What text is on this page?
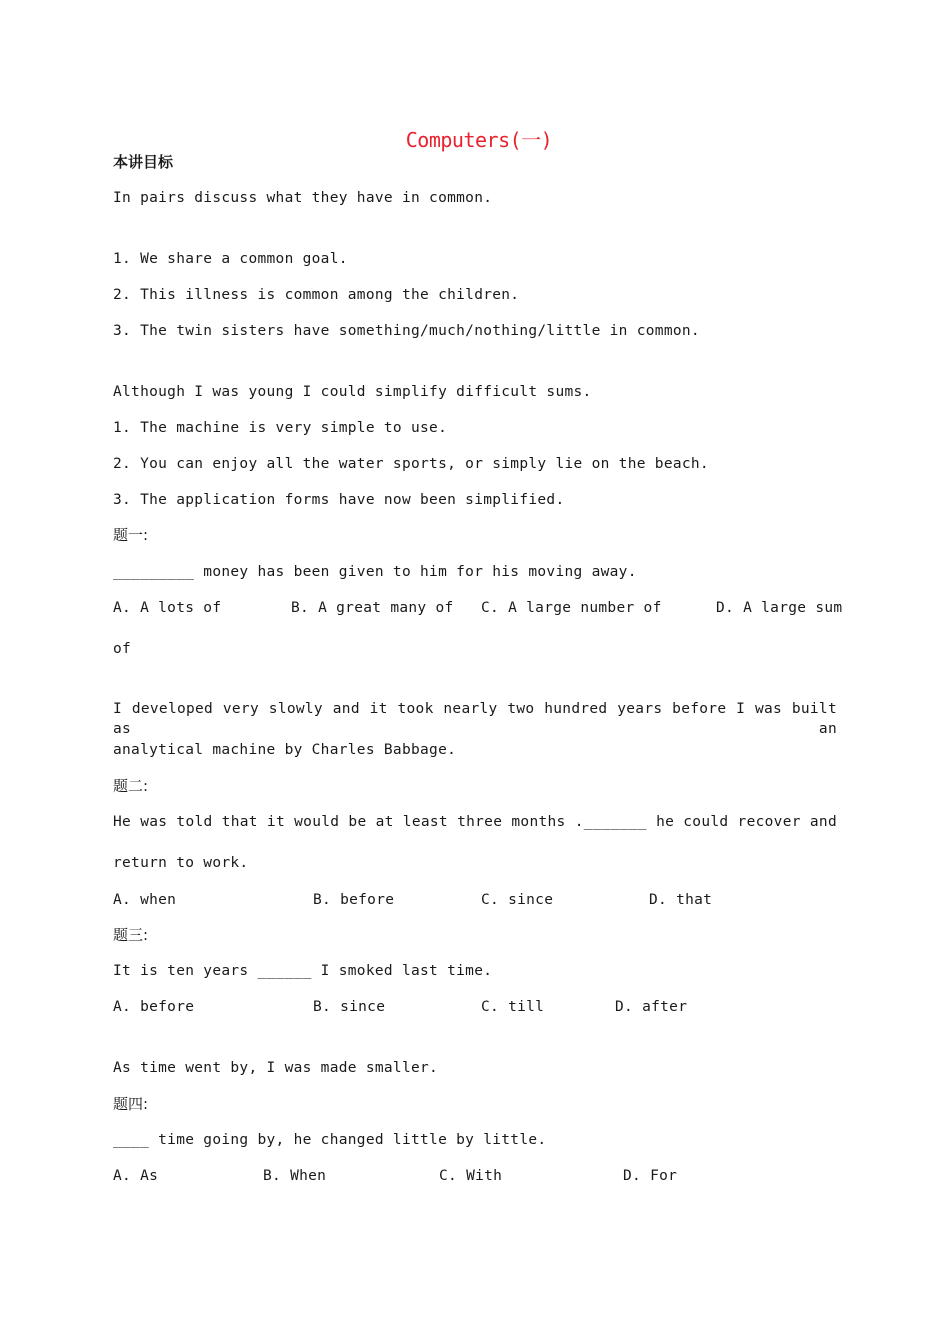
Computers(一)
本讲目标
In pairs discuss what they have in common.
1. We share a common goal.
2. This illness is common among the children.
3. The twin sisters have something/much/nothing/little in common.
Although I was young I could simplify difficult sums.
1. The machine is very simple to use.
2. You can enjoy all the water sports, or simply lie on the beach.
3. The application forms have now been simplified.
题一:
_________ money has been given to him for his moving away.
A. A lots of	B. A great many of C. A large number of	D. A large sum
of
I developed very slowly and it took nearly two hundred years before I was built as an
analytical machine by Charles Babbage.
题二:
He was told that it would be at least three months ._______ he could recover and
return to work.
A. when	B. before	C. since	D. that
题三:
It is ten years ______ I smoked last time.
A. before	B. since	C. till	D. after
As time went by, I was made smaller.
题四:
____ time going by, he changed little by little.
A. As	B. When	C. With	D. For
